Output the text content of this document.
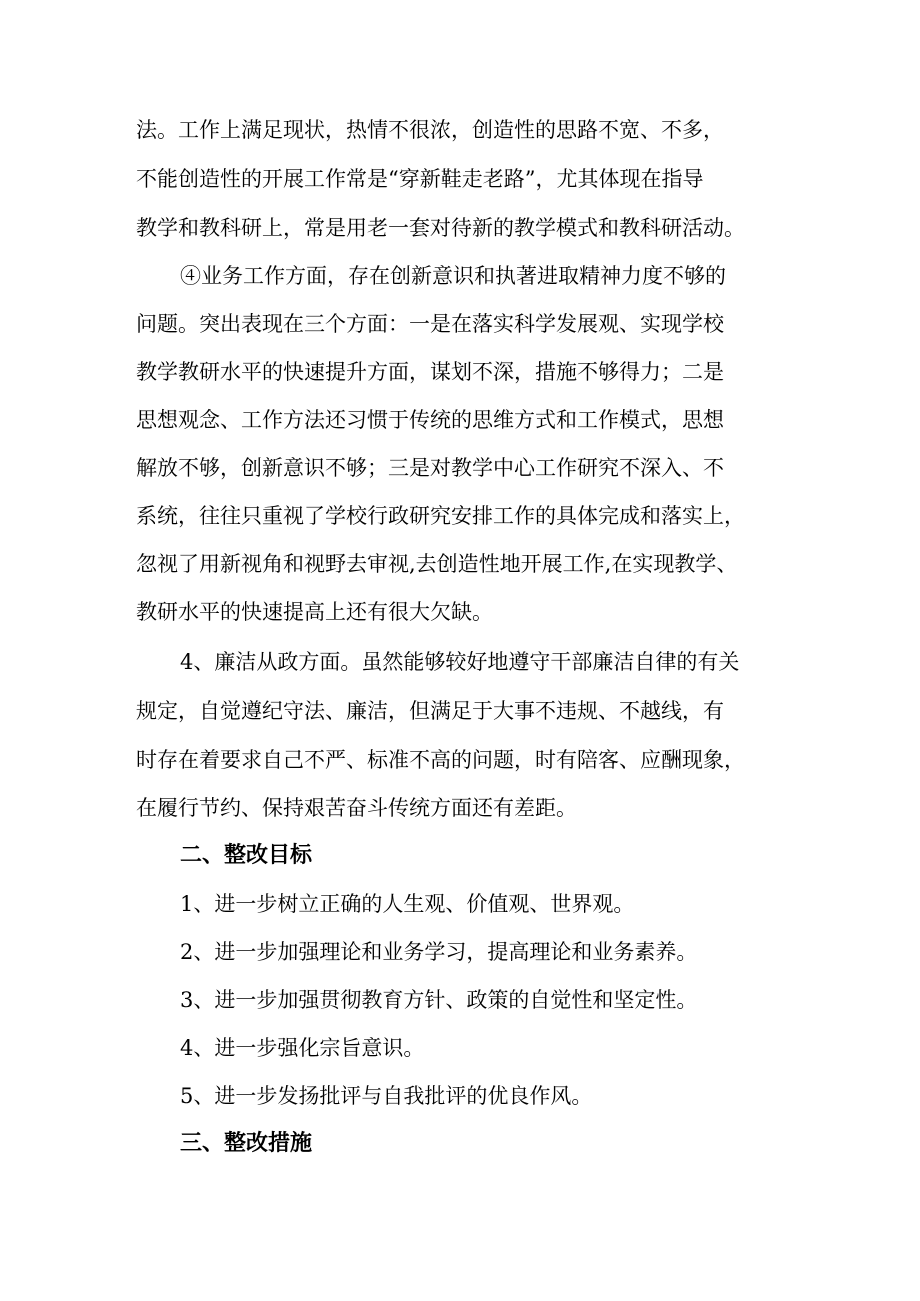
法。工作上满足现状，热情不很浓，创造性的思路不宽、不多，
不能创造性的开展工作常是“穿新鞋走老路”，尤其体现在指导
教学和教科研上，常是用老一套对待新的教学模式和教科研活动。
④业务工作方面，存在创新意识和执著进取精神力度不够的
问题。突出表现在三个方面：一是在落实科学发展观、实现学校
教学教研水平的快速提升方面，谋划不深，措施不够得力；二是
思想观念、工作方法还习惯于传统的思维方式和工作模式，思想
解放不够，创新意识不够；三是对教学中心工作研究不深入、不
系统，往往只重视了学校行政研究安排工作的具体完成和落实上，
忽视了用新视角和视野去审视,去创造性地开展工作,在实现教学、
教研水平的快速提高上还有很大欠缺。
4、廉洁从政方面。虽然能够较好地遵守干部廉洁自律的有关
规定，自觉遵纪守法、廉洁，但满足于大事不违规、不越线，有
时存在着要求自己不严、标准不高的问题，时有陪客、应酬现象，
在履行节约、保持艰苦奋斗传统方面还有差距。
二、整改目标
1、进一步树立正确的人生观、价值观、世界观。
2、进一步加强理论和业务学习，提高理论和业务素养。
3、进一步加强贯彻教育方针、政策的自觉性和坚定性。
4、进一步强化宗旨意识。
5、进一步发扬批评与自我批评的优良作风。
三、整改措施
